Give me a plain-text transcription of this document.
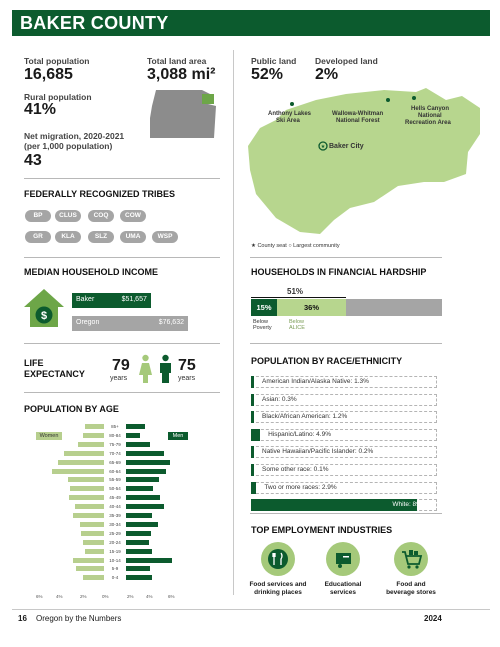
BAKER COUNTY
Total population
16,685
Total land area
3,088 mi²
Rural population
41%
Net migration, 2020-2021
(per 1,000 population)
43
FEDERALLY RECOGNIZED TRIBES
BP	CLUS	COQ	COW
GR	KLA	SLZ	UMA	WSP
MEDIAN HOUSEHOLD INCOME
$
Baker	$51,657
Oregon	$76,632
LIFE
EXPECTANCY 79
years
75
years
POPULATION BY AGE
Women	Men
85+
80-84
75-79
70-74
65-69
60-64
55-59
50-54
45-49
40-44
35-39
30-34
25-29
20-24
15-19
10-14
5-9
0-4
6%	4%	2%	0%	2%	4%	6%
Public land
52%
Developed land
2%
★
Anthony Lakes
Ski Area
Wallowa-Whitman
National Forest
Hells Canyon
National
Recreation Area
Baker City
★ County seat ○ Largest community
HOUSEHOLDS IN FINANCIAL HARDSHIP
51%
15%	36%
Below
Poverty
Below
ALICE
POPULATION BY RACE/ETHNICITY
American Indian/Alaska Native: 1.3%
Asian: 0.3%
Black/African American: 1.2%
Hispanic/Latino: 4.9%
Native Hawaiian/Pacific Islander: 0.2%
Some other race: 0.1%
Two or more races: 2.9%
White: 89.1%
TOP EMPLOYMENT INDUSTRIES
Food services and
drinking places
Educational
services
Food and
beverage stores
16 Oregon by the Numbers	2024
